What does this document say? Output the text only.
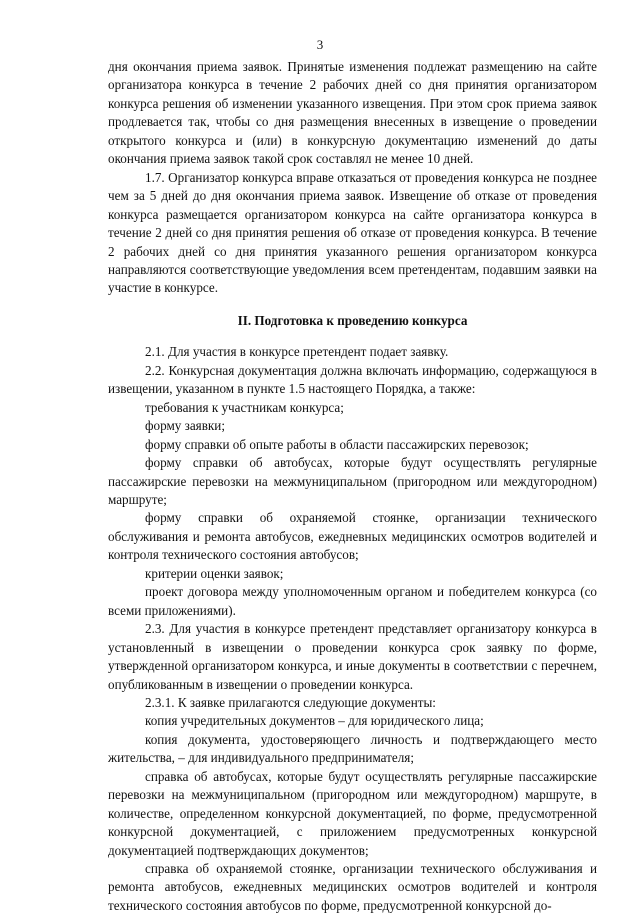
3

дня окончания приема заявок. Принятые изменения подлежат размещению на сайте организатора конкурса в течение 2 рабочих дней со дня принятия организатором конкурса решения об изменении указанного извещения. При этом срок приема заявок продлевается так, чтобы со дня размещения внесенных в извещение о проведении открытого конкурса и (или) в конкурсную документацию изменений до даты окончания приема заявок такой срок составлял не менее 10 дней.

1.7. Организатор конкурса вправе отказаться от проведения конкурса не позднее чем за 5 дней до дня окончания приема заявок. Извещение об отказе от проведения конкурса размещается организатором конкурса на сайте организатора конкурса в течение 2 дней со дня принятия решения об отказе от проведения конкурса. В течение 2 рабочих дней со дня принятия указанного решения организатором конкурса направляются соответствующие уведомления всем претендентам, подавшим заявки на участие в конкурсе.

II. Подготовка к проведению конкурса

2.1. Для участия в конкурсе претендент подает заявку.

2.2. Конкурсная документация должна включать информацию, содержащуюся в извещении, указанном в пункте 1.5 настоящего Порядка, а также:

требования к участникам конкурса;

форму заявки;

форму справки об опыте работы в области пассажирских перевозок;

форму справки об автобусах, которые будут осуществлять регулярные пассажирские перевозки на межмуниципальном (пригородном или междугородном) маршруте;

форму справки об охраняемой стоянке, организации технического обслуживания и ремонта автобусов, ежедневных медицинских осмотров водителей и контроля технического состояния автобусов;

критерии оценки заявок;

проект договора между уполномоченным органом и победителем конкурса (со всеми приложениями).

2.3. Для участия в конкурсе претендент представляет организатору конкурса в установленный в извещении о проведении конкурса срок заявку по форме, утвержденной организатором конкурса, и иные документы в соответствии с перечнем, опубликованным в извещении о проведении конкурса.

2.3.1. К заявке прилагаются следующие документы:

копия учредительных документов – для юридического лица;

копия документа, удостоверяющего личность и подтверждающего место жительства, – для индивидуального предпринимателя;

справка об автобусах, которые будут осуществлять регулярные пассажирские перевозки на межмуниципальном (пригородном или междугородном) маршруте, в количестве, определенном конкурсной документацией, по форме, предусмотренной конкурсной документацией, с приложением предусмотренных конкурсной документацией подтверждающих документов;

справка об охраняемой стоянке, организации технического обслуживания и ремонта автобусов, ежедневных медицинских осмотров водителей и контроля технического состояния автобусов по форме, предусмотренной конкурсной до-
